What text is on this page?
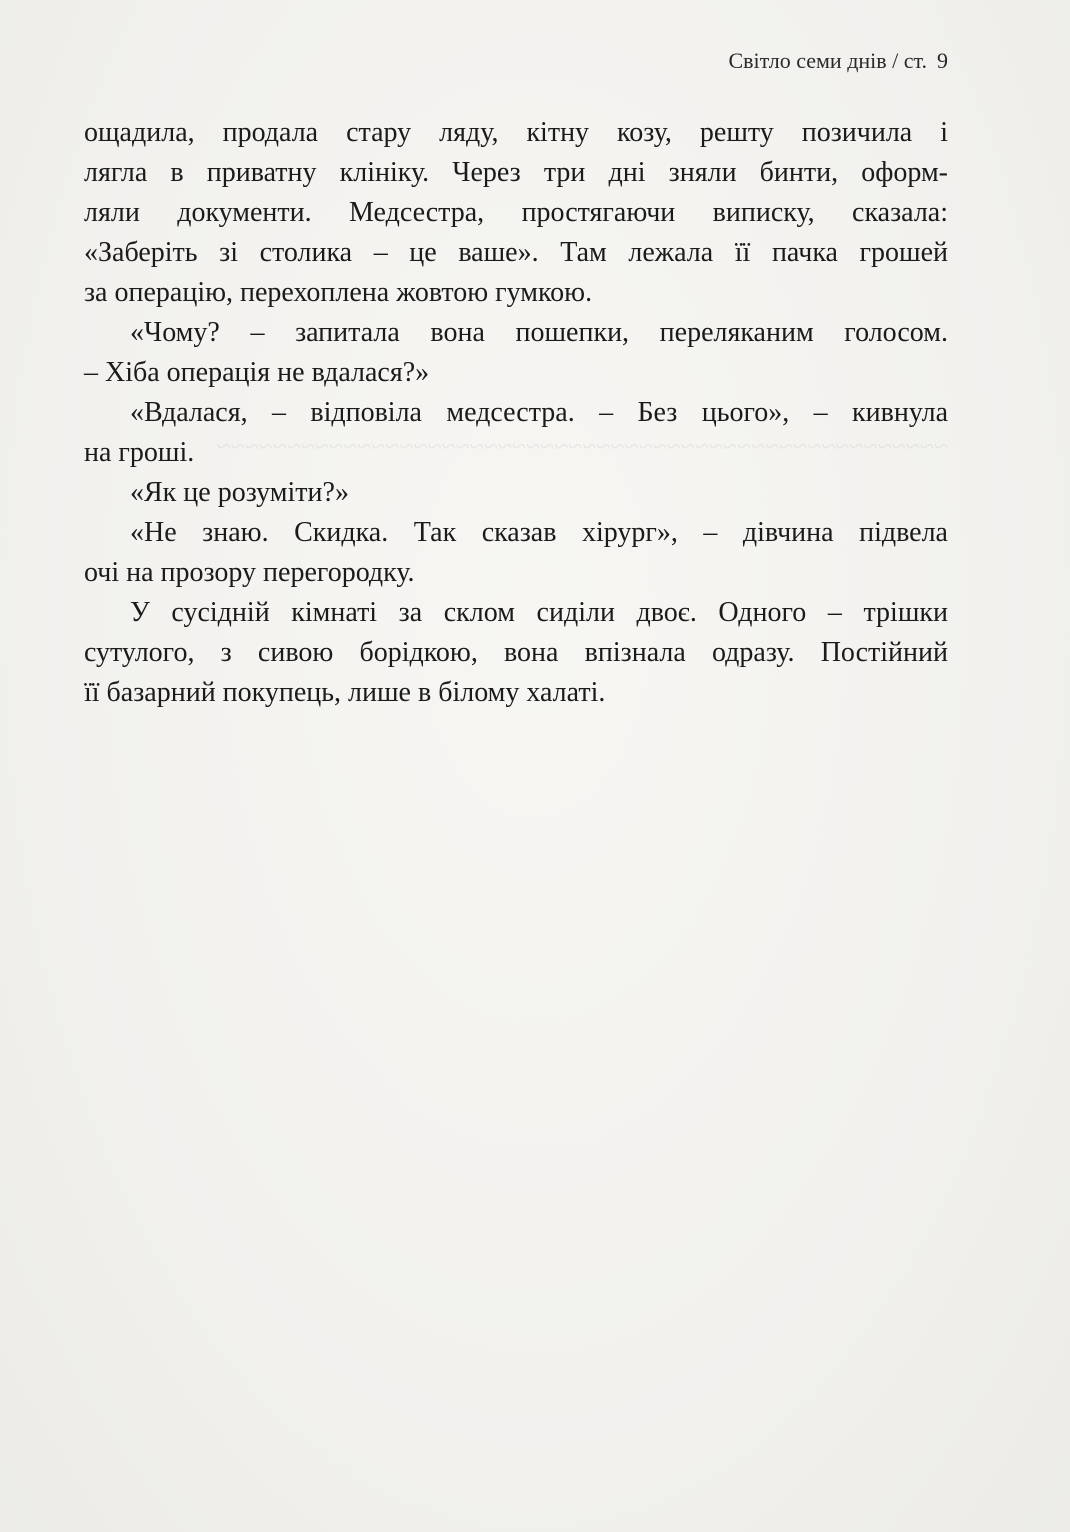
Світло семи днів / ст. 9
~~~~~~~~~~~~~~~~~~~~~~~~~~~~~~~~~~~~~~~~~~~~~~~~~~~~
ощадила, продала стару ляду, кітну козу, решту позичила і
лягла в приватну клініку. Через три дні зняли бинти, оформ-
ляли документи. Медсестра, простягаючи виписку, сказала:
«Заберіть зі столика – це ваше». Там лежала її пачка грошей
за операцію, перехоплена жовтою гумкою.
«Чому? – запитала вона пошепки, переляканим голосом.
– Хіба операція не вдалася?»
«Вдалася, – відповіла медсестра. – Без цього», – кивнула
на гроші.
«Як це розуміти?»
«Не знаю. Скидка. Так сказав хірург», – дівчина підвела
очі на прозору перегородку.
У сусідній кімнаті за склом сиділи двоє. Одного – трішки
сутулого, з сивою борідкою, вона впізнала одразу. Постійний
її базарний покупець, лише в білому халаті.
